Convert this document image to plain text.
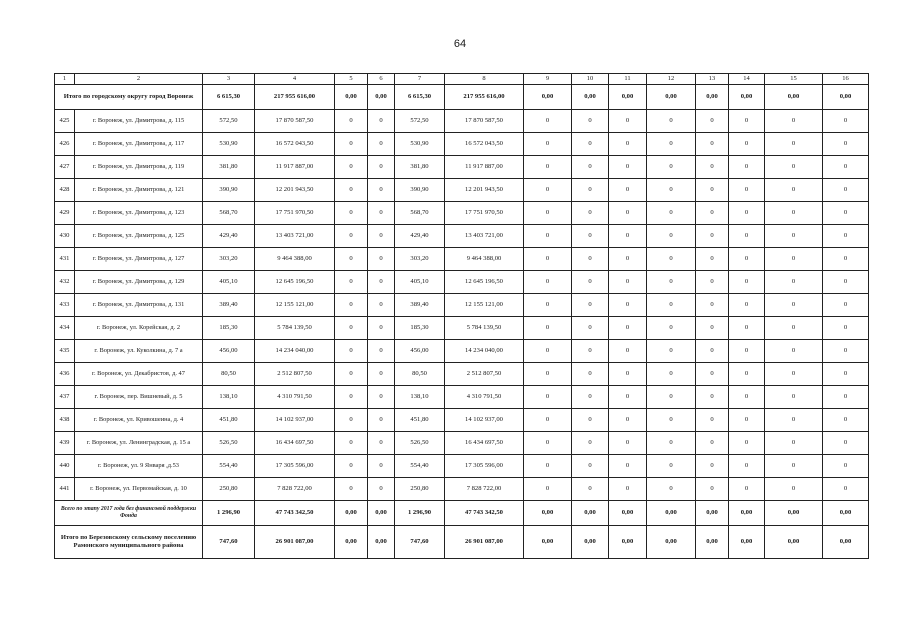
64
1	2	3	4	5	6	7	8	9	10	11	12	13	14	15	16
Итого по городскому округу город Воронеж		6 615,30	217 955 616,00	0,00	0,00	6 615,30	217 955 616,00	0,00	0,00	0,00	0,00	0,00	0,00	0,00	0,00
425	г. Воронеж, ул. Димитрова, д. 115	572,50	17 870 587,50	0	0	572,50	17 870 587,50	0	0	0	0	0	0	0	0
426	г. Воронеж, ул. Димитрова, д. 117	530,90	16 572 043,50	0	0	530,90	16 572 043,50	0	0	0	0	0	0	0	0
427	г. Воронеж, ул. Димитрова, д. 119	381,80	11 917 887,00	0	0	381,80	11 917 887,00	0	0	0	0	0	0	0	0
428	г. Воронеж, ул. Димитрова, д. 121	390,90	12 201 943,50	0	0	390,90	12 201 943,50	0	0	0	0	0	0	0	0
429	г. Воронеж, ул. Димитрова, д. 123	568,70	17 751 970,50	0	0	568,70	17 751 970,50	0	0	0	0	0	0	0	0
430	г. Воронеж, ул. Димитрова, д. 125	429,40	13 403 721,00	0	0	429,40	13 403 721,00	0	0	0	0	0	0	0	0
431	г. Воронеж, ул. Димитрова, д. 127	303,20	9 464 388,00	0	0	303,20	9 464 388,00	0	0	0	0	0	0	0	0
432	г. Воронеж, ул. Димитрова, д. 129	405,10	12 645 196,50	0	0	405,10	12 645 196,50	0	0	0	0	0	0	0	0
433	г. Воронеж, ул. Димитрова, д. 131	389,40	12 155 121,00	0	0	389,40	12 155 121,00	0	0	0	0	0	0	0	0
434	г. Воронеж, ул. Корейская, д. 2	185,30	5 784 139,50	0	0	185,30	5 784 139,50	0	0	0	0	0	0	0	0
435	г. Воронеж, ул. Куколкина, д. 7 а	456,00	14 234 040,00	0	0	456,00	14 234 040,00	0	0	0	0	0	0	0	0
436	г. Воронеж, ул. Декабристов, д. 47	80,50	2 512 807,50	0	0	80,50	2 512 807,50	0	0	0	0	0	0	0	0
437	г. Воронеж, пер. Вишневый, д. 5	138,10	4 310 791,50	0	0	138,10	4 310 791,50	0	0	0	0	0	0	0	0
438	г. Воронеж, ул. Кривошеина, д. 4	451,80	14 102 937,00	0	0	451,80	14 102 937,00	0	0	0	0	0	0	0	0
439	г. Воронеж, ул. Ленинградская, д. 15 а	526,50	16 434 697,50	0	0	526,50	16 434 697,50	0	0	0	0	0	0	0	0
440	г. Воронеж, ул. 9 Января ,д.53	554,40	17 305 596,00	0	0	554,40	17 305 596,00	0	0	0	0	0	0	0	0
441	г. Воронеж, ул. Первомайская, д. 10	250,80	7 828 722,00	0	0	250,80	7 828 722,00	0	0	0	0	0	0	0	0
Всего по этапу 2017 года без финансовой поддержки Фонда		1 296,90	47 743 342,50	0,00	0,00	1 296,90	47 743 342,50	0,00	0,00	0,00	0,00	0,00	0,00	0,00	0,00
Итого по Березовскому сельскому поселению Рамонского муниципального района		747,60	26 901 087,00	0,00	0,00	747,60	26 901 087,00	0,00	0,00	0,00	0,00	0,00	0,00	0,00	0,00
